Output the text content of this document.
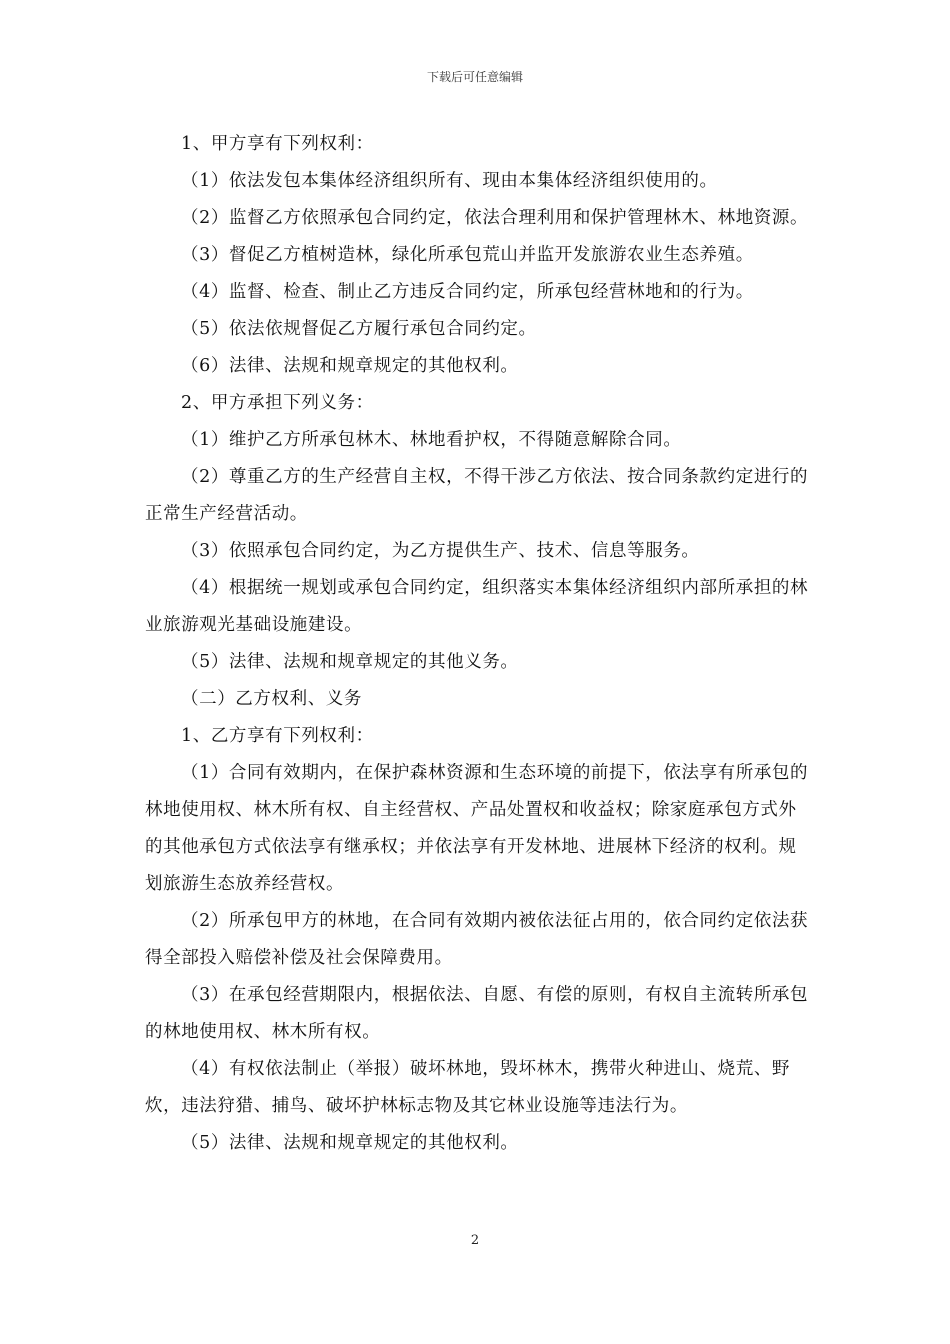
下载后可任意编辑

1、甲方享有下列权利：

（1）依法发包本集体经济组织所有、现由本集体经济组织使用的。

（2）监督乙方依照承包合同约定，依法合理利用和保护管理林木、林地资源。

（3）督促乙方植树造林，绿化所承包荒山并监开发旅游农业生态养殖。

（4）监督、检查、制止乙方违反合同约定，所承包经营林地和的行为。

（5）依法依规督促乙方履行承包合同约定。

（6）法律、法规和规章规定的其他权利。

2、甲方承担下列义务：

（1）维护乙方所承包林木、林地看护权，不得随意解除合同。

（2）尊重乙方的生产经营自主权，不得干涉乙方依法、按合同条款约定进行的正常生产经营活动。

（3）依照承包合同约定，为乙方提供生产、技术、信息等服务。

（4）根据统一规划或承包合同约定，组织落实本集体经济组织内部所承担的林业旅游观光基础设施建设。

（5）法律、法规和规章规定的其他义务。

（二）乙方权利、义务

1、乙方享有下列权利：

（1）合同有效期内，在保护森林资源和生态环境的前提下，依法享有所承包的林地使用权、林木所有权、自主经营权、产品处置权和收益权；除家庭承包方式外的其他承包方式依法享有继承权；并依法享有开发林地、进展林下经济的权利。规划旅游生态放养经营权。

（2）所承包甲方的林地，在合同有效期内被依法征占用的，依合同约定依法获得全部投入赔偿补偿及社会保障费用。

（3）在承包经营期限内，根据依法、自愿、有偿的原则，有权自主流转所承包的林地使用权、林木所有权。

（4）有权依法制止（举报）破坏林地，毁坏林木，携带火种进山、烧荒、野炊，违法狩猎、捕鸟、破坏护林标志物及其它林业设施等违法行为。

（5）法律、法规和规章规定的其他权利。

2
